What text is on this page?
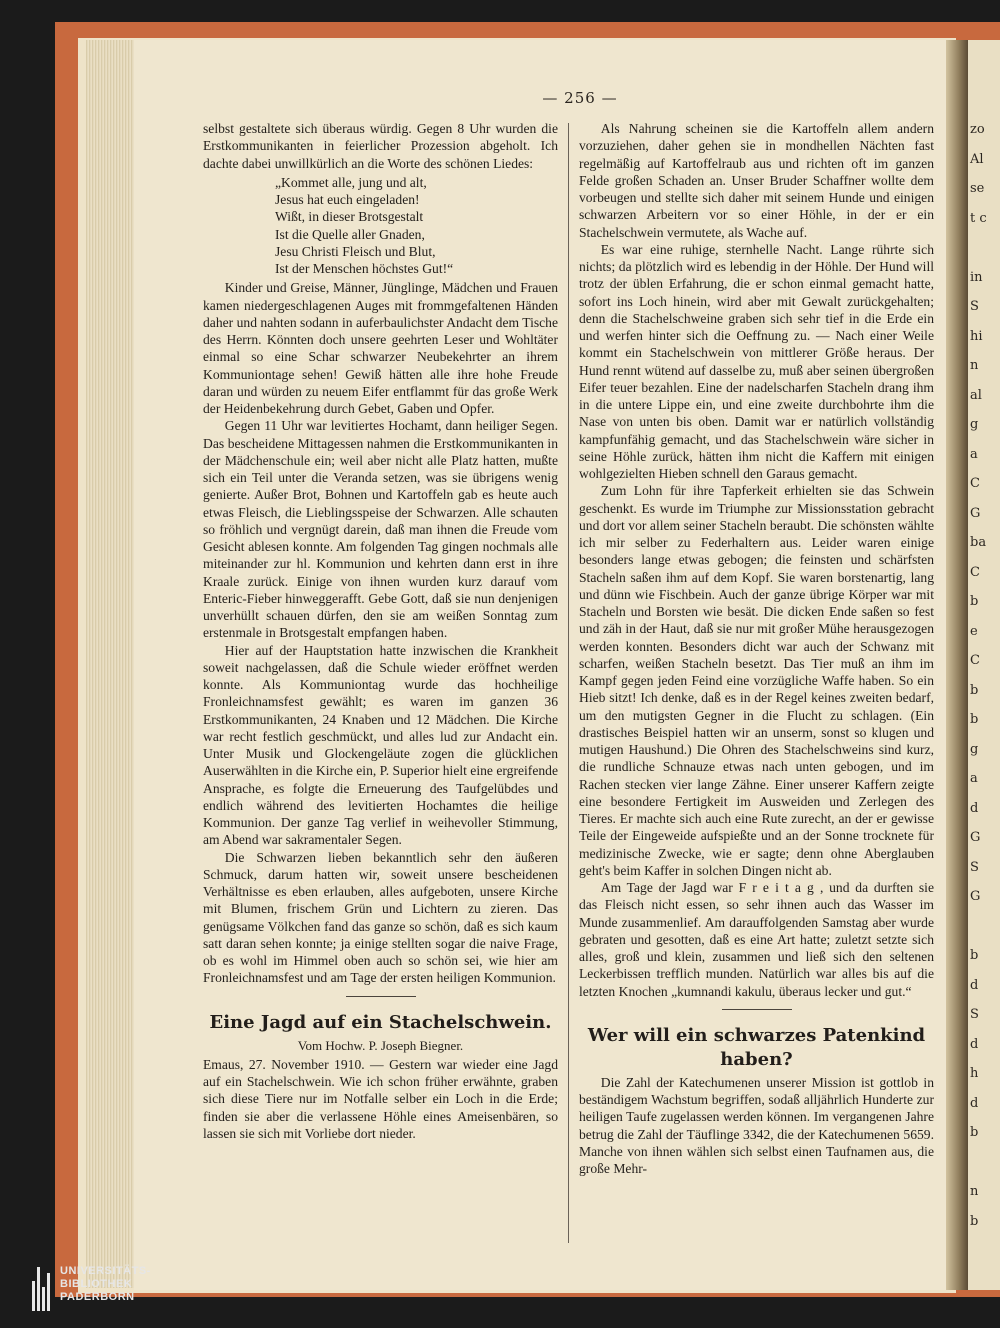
zo
Al
se
t c
in
S
hi
n
al
g
a
C
G
ba
C
b
e
C
b
b
g
a
d
G
S
G
b
d
S
d
h
d
b
n
b
— 256 —

selbst gestaltete sich überaus würdig. Gegen 8 Uhr wurden die Erstkommunikanten in feierlicher Prozession abgeholt. Ich dachte dabei unwillkürlich an die Worte des schönen Liedes:

„Kommet alle, jung und alt,
Jesus hat euch eingeladen!
Wißt, in dieser Brotsgestalt
Ist die Quelle aller Gnaden,
Jesu Christi Fleisch und Blut,
Ist der Menschen höchstes Gut!“

Kinder und Greise, Männer, Jünglinge, Mädchen und Frauen kamen niedergeschlagenen Auges mit frommgefaltenen Händen daher und nahten sodann in auferbaulichster Andacht dem Tische des Herrn. Könnten doch unsere geehrten Leser und Wohltäter einmal so eine Schar schwarzer Neubekehrter an ihrem Kommuniontage sehen! Gewiß hätten alle ihre hohe Freude daran und würden zu neuem Eifer entflammt für das große Werk der Heidenbekehrung durch Gebet, Gaben und Opfer.

Gegen 11 Uhr war levitiertes Hochamt, dann heiliger Segen. Das bescheidene Mittagessen nahmen die Erstkommunikanten in der Mädchenschule ein; weil aber nicht alle Platz hatten, mußte sich ein Teil unter die Veranda setzen, was sie übrigens wenig genierte. Außer Brot, Bohnen und Kartoffeln gab es heute auch etwas Fleisch, die Lieblingsspeise der Schwarzen. Alle schauten so fröhlich und vergnügt darein, daß man ihnen die Freude vom Gesicht ablesen konnte. Am folgenden Tag gingen nochmals alle miteinander zur hl. Kommunion und kehrten dann erst in ihre Kraale zurück. Einige von ihnen wurden kurz darauf vom Enteric-Fieber hinweggerafft. Gebe Gott, daß sie nun denjenigen unverhüllt schauen dürfen, den sie am weißen Sonntag zum erstenmale in Brotsgestalt empfangen haben.

Hier auf der Hauptstation hatte inzwischen die Krankheit soweit nachgelassen, daß die Schule wieder eröffnet werden konnte. Als Kommuniontag wurde das hochheilige Fronleichnamsfest gewählt; es waren im ganzen 36 Erstkommunikanten, 24 Knaben und 12 Mädchen. Die Kirche war recht festlich geschmückt, und alles lud zur Andacht ein. Unter Musik und Glockengeläute zogen die glücklichen Auserwählten in die Kirche ein, P. Superior hielt eine ergreifende Ansprache, es folgte die Erneuerung des Taufgelübdes und endlich während des levitierten Hochamtes die heilige Kommunion. Der ganze Tag verlief in weihevoller Stimmung, am Abend war sakramentaler Segen.

Die Schwarzen lieben bekanntlich sehr den äußeren Schmuck, darum hatten wir, soweit unsere bescheidenen Verhältnisse es eben erlauben, alles aufgeboten, unsere Kirche mit Blumen, frischem Grün und Lichtern zu zieren. Das genügsame Völkchen fand das ganze so schön, daß es sich kaum satt daran sehen konnte; ja einige stellten sogar die naive Frage, ob es wohl im Himmel oben auch so schön sei, wie hier am Fronleichnamsfest und am Tage der ersten heiligen Kommunion.

Eine Jagd auf ein Stachelschwein.
Vom Hochw. P. Joseph Biegner.

Emaus, 27. November 1910. — Gestern war wieder eine Jagd auf ein Stachelschwein. Wie ich schon früher erwähnte, graben sich diese Tiere nur im Notfalle selber ein Loch in die Erde; finden sie aber die verlassene Höhle eines Ameisenbären, so lassen sie sich mit Vorliebe dort nieder.

Als Nahrung scheinen sie die Kartoffeln allem andern vorzuziehen, daher gehen sie in mondhellen Nächten fast regelmäßig auf Kartoffelraub aus und richten oft im ganzen Felde großen Schaden an. Unser Bruder Schaffner wollte dem vorbeugen und stellte sich daher mit seinem Hunde und einigen schwarzen Arbeitern vor so einer Höhle, in der er ein Stachelschwein vermutete, als Wache auf.

Es war eine ruhige, sternhelle Nacht. Lange rührte sich nichts; da plötzlich wird es lebendig in der Höhle. Der Hund will trotz der üblen Erfahrung, die er schon einmal gemacht hatte, sofort ins Loch hinein, wird aber mit Gewalt zurückgehalten; denn die Stachelschweine graben sich sehr tief in die Erde ein und werfen hinter sich die Oeffnung zu. — Nach einer Weile kommt ein Stachelschwein von mittlerer Größe heraus. Der Hund rennt wütend auf dasselbe zu, muß aber seinen übergroßen Eifer teuer bezahlen. Eine der nadelscharfen Stacheln drang ihm in die untere Lippe ein, und eine zweite durchbohrte ihm die Nase von unten bis oben. Damit war er natürlich vollständig kampfunfähig gemacht, und das Stachelschwein wäre sicher in seine Höhle zurück, hätten ihm nicht die Kaffern mit einigen wohlgezielten Hieben schnell den Garaus gemacht.

Zum Lohn für ihre Tapferkeit erhielten sie das Schwein geschenkt. Es wurde im Triumphe zur Missionsstation gebracht und dort vor allem seiner Stacheln beraubt. Die schönsten wählte ich mir selber zu Federhaltern aus. Leider waren einige besonders lange etwas gebogen; die feinsten und schärfsten Stacheln saßen ihm auf dem Kopf. Sie waren borstenartig, lang und dünn wie Fischbein. Auch der ganze übrige Körper war mit Stacheln und Borsten wie besät. Die dicken Ende saßen so fest und zäh in der Haut, daß sie nur mit großer Mühe herausgezogen werden konnten. Besonders dicht war auch der Schwanz mit scharfen, weißen Stacheln besetzt. Das Tier muß an ihm im Kampf gegen jeden Feind eine vorzügliche Waffe haben. So ein Hieb sitzt! Ich denke, daß es in der Regel keines zweiten bedarf, um den mutigsten Gegner in die Flucht zu schlagen. (Ein drastisches Beispiel hatten wir an unserm, sonst so klugen und mutigen Haushund.) Die Ohren des Stachelschweins sind kurz, die rundliche Schnauze etwas nach unten gebogen, und im Rachen stecken vier lange Zähne. Einer unserer Kaffern zeigte eine besondere Fertigkeit im Ausweiden und Zerlegen des Tieres. Er machte sich auch eine Rute zurecht, an der er gewisse Teile der Eingeweide aufspießte und an der Sonne trocknete für medizinische Zwecke, wie er sagte; denn ohne Aberglauben geht's beim Kaffer in solchen Dingen nicht ab.

Am Tage der Jagd war Freitag, und da durften sie das Fleisch nicht essen, so sehr ihnen auch das Wasser im Munde zusammenlief. Am darauffolgenden Samstag aber wurde gebraten und gesotten, daß es eine Art hatte; zuletzt setzte sich alles, groß und klein, zusammen und ließ sich den seltenen Leckerbissen trefflich munden. Natürlich war alles bis auf die letzten Knochen „kumnandi kakulu, überaus lecker und gut.“

Wer will ein schwarzes Patenkind haben?

Die Zahl der Katechumenen unserer Mission ist gottlob in beständigem Wachstum begriffen, sodaß alljährlich Hunderte zur heiligen Taufe zugelassen werden können. Im vergangenen Jahre betrug die Zahl der Täuflinge 3342, die der Katechumenen 5659. Manche von ihnen wählen sich selbst einen Taufnamen aus, die große Mehr-

UNIVERSITÄTS-
BIBLIOTHEK
PADERBORN
